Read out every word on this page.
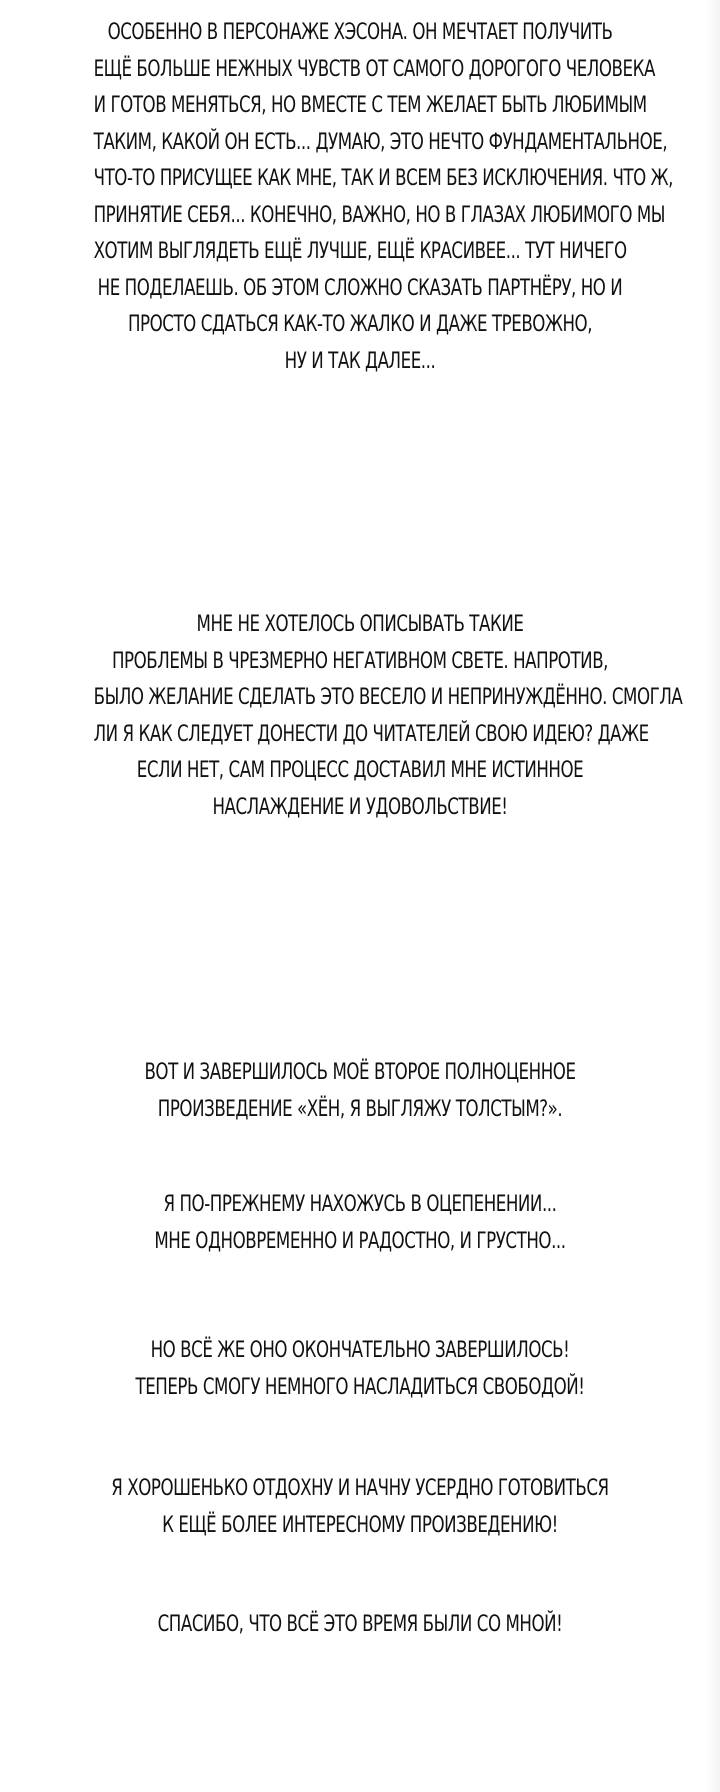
ОСОБЕННО В ПЕРСОНАЖЕ ХЭСОНА. ОН МЕЧТАЕТ ПОЛУЧИТЬ
ЕЩЁ БОЛЬШЕ НЕЖНЫХ ЧУВСТВ ОТ САМОГО ДОРОГОГО ЧЕЛОВЕКА
И ГОТОВ МЕНЯТЬСЯ, НО ВМЕСТЕ С ТЕМ ЖЕЛАЕТ БЫТЬ ЛЮБИМЫМ
ТАКИМ, КАКОЙ ОН ЕСТЬ... ДУМАЮ, ЭТО НЕЧТО ФУНДАМЕНТАЛЬНОЕ,
ЧТО-ТО ПРИСУЩЕЕ КАК МНЕ, ТАК И ВСЕМ БЕЗ ИСКЛЮЧЕНИЯ. ЧТО Ж,
ПРИНЯТИЕ СЕБЯ... КОНЕЧНО, ВАЖНО, НО В ГЛАЗАХ ЛЮБИМОГО МЫ
ХОТИМ ВЫГЛЯДЕТЬ ЕЩЁ ЛУЧШЕ, ЕЩЁ КРАСИВЕЕ... ТУТ НИЧЕГО
НЕ ПОДЕЛАЕШЬ. ОБ ЭТОМ СЛОЖНО СКАЗАТЬ ПАРТНЁРУ, НО И
ПРОСТО СДАТЬСЯ КАК-ТО ЖАЛКО И ДАЖЕ ТРЕВОЖНО,
НУ И ТАК ДАЛЕЕ...
МНЕ НЕ ХОТЕЛОСЬ ОПИСЫВАТЬ ТАКИЕ
ПРОБЛЕМЫ В ЧРЕЗМЕРНО НЕГАТИВНОМ СВЕТЕ. НАПРОТИВ,
БЫЛО ЖЕЛАНИЕ СДЕЛАТЬ ЭТО ВЕСЕЛО И НЕПРИНУЖДЁННО. СМОГЛА
ЛИ Я КАК СЛЕДУЕТ ДОНЕСТИ ДО ЧИТАТЕЛЕЙ СВОЮ ИДЕЮ? ДАЖЕ
ЕСЛИ НЕТ, САМ ПРОЦЕСС ДОСТАВИЛ МНЕ ИСТИННОЕ
НАСЛАЖДЕНИЕ И УДОВОЛЬСТВИЕ!
ВОТ И ЗАВЕРШИЛОСЬ МОЁ ВТОРОЕ ПОЛНОЦЕННОЕ
ПРОИЗВЕДЕНИЕ «ХЁН, Я ВЫГЛЯЖУ ТОЛСТЫМ?».
Я ПО-ПРЕЖНЕМУ НАХОЖУСЬ В ОЦЕПЕНЕНИИ...
МНЕ ОДНОВРЕМЕННО И РАДОСТНО, И ГРУСТНО...
НО ВСЁ ЖЕ ОНО ОКОНЧАТЕЛЬНО ЗАВЕРШИЛОСЬ!
ТЕПЕРЬ СМОГУ НЕМНОГО НАСЛАДИТЬСЯ СВОБОДОЙ!
Я ХОРОШЕНЬКО ОТДОХНУ И НАЧНУ УСЕРДНО ГОТОВИТЬСЯ
К ЕЩЁ БОЛЕЕ ИНТЕРЕСНОМУ ПРОИЗВЕДЕНИЮ!
СПАСИБО, ЧТО ВСЁ ЭТО ВРЕМЯ БЫЛИ СО МНОЙ!
